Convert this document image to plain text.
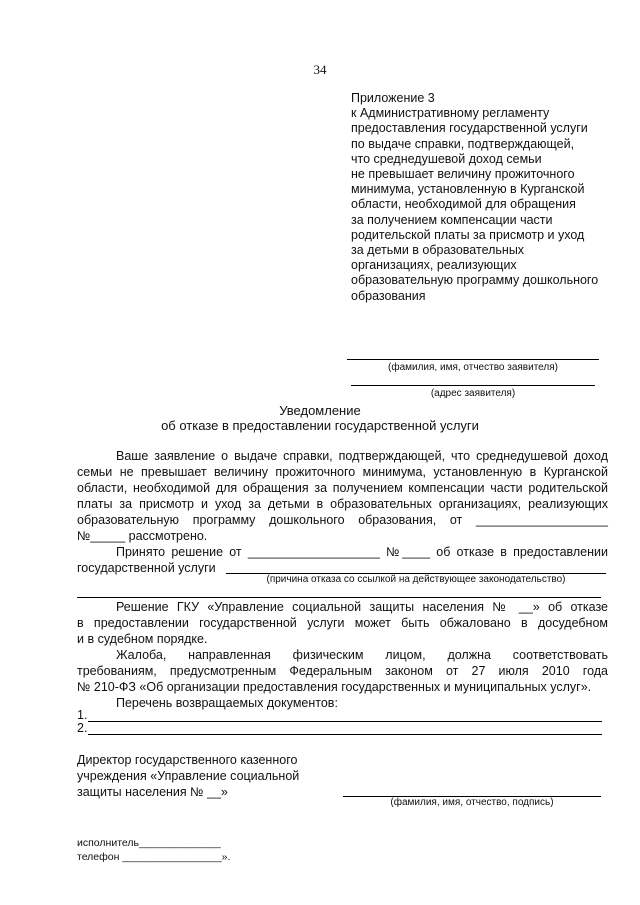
34
Приложение 3
к Административному регламенту
предоставления государственной услуги
по выдаче справки, подтверждающей,
что среднедушевой доход семьи
не превышает величину прожиточного
минимума, установленную в Курганской
области, необходимой для обращения
за получением компенсации части
родительской платы за присмотр и уход
за детьми в образовательных
организациях, реализующих
образовательную программу дошкольного
образования
(фамилия, имя, отчество заявителя)
(адрес заявителя)
Уведомление
об отказе в предоставлении государственной услуги
Ваше заявление о выдаче справки, подтверждающей, что среднедушевой доход
семьи не превышает величину прожиточного минимума, установленную в Курганской
области, необходимой для обращения за получением компенсации части родительской
платы за присмотр и уход за детьми в образовательных организациях, реализующих
образовательную программу дошкольного образования, от ___________________
№_____ рассмотрено.
Принято решение от ___________________ №____ об отказе в предоставлении
государственной услуги
(причина отказа со ссылкой на действующее законодательство)
Решение ГКУ «Управление социальной защиты населения № __» об отказе
в предоставлении государственной услуги может быть обжаловано в досудебном
и в судебном порядке.
Жалоба, направленная физическим лицом, должна соответствовать
требованиям, предусмотренным Федеральным законом от 27 июля 2010 года
№ 210-ФЗ «Об организации предоставления государственных и муниципальных услуг».
Перечень возвращаемых документов:
1.
2.
Директор государственного казенного
учреждения «Управление социальной
защиты населения № __»
(фамилия, имя, отчество, подпись)
исполнитель______________
телефон _________________».
